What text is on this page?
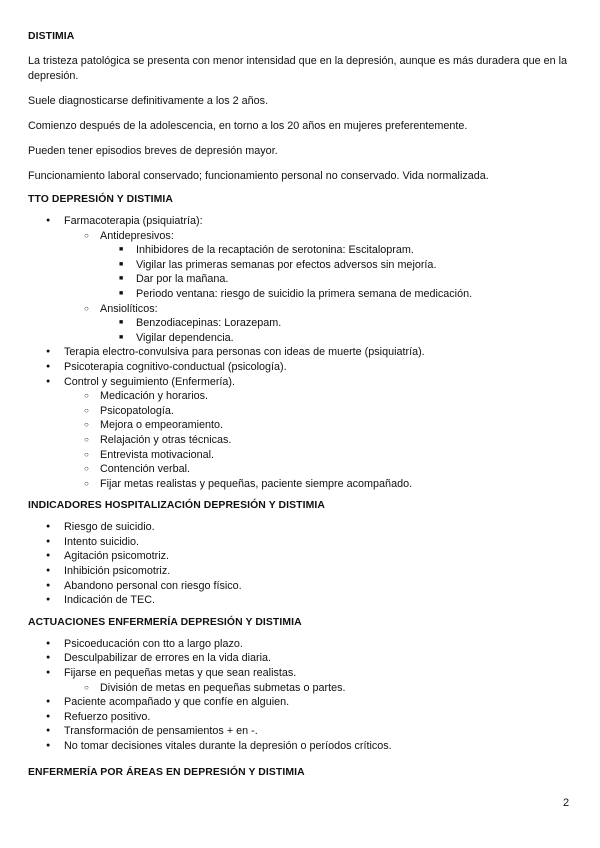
DISTIMIA

La tristeza patológica se presenta con menor intensidad que en la depresión, aunque es más duradera que en la depresión.

Suele diagnosticarse definitivamente a los 2 años.

Comienzo después de la adolescencia, en torno a los 20 años en mujeres preferentemente.

Pueden tener episodios breves de depresión mayor.

Funcionamiento laboral conservado; funcionamiento personal no conservado. Vida normalizada.

TTO DEPRESIÓN Y DISTIMIA
● Farmacoterapia (psiquiatría):
○ Antidepresivos:
■ Inhibidores de la recaptación de serotonina: Escitalopram.
■ Vigilar las primeras semanas por efectos adversos sin mejoría.
■ Dar por la mañana.
■ Periodo ventana: riesgo de suicidio la primera semana de medicación.
○ Ansiolíticos:
■ Benzodiacepinas: Lorazepam.
■ Vigilar dependencia.
● Terapia electro-convulsiva para personas con ideas de muerte (psiquiatría).
● Psicoterapia cognitivo-conductual (psicología).
● Control y seguimiento (Enfermería).
○ Medicación y horarios.
○ Psicopatología.
○ Mejora o empeoramiento.
○ Relajación y otras técnicas.
○ Entrevista motivacional.
○ Contención verbal.
○ Fijar metas realistas y pequeñas, paciente siempre acompañado.
INDICADORES HOSPITALIZACIÓN DEPRESIÓN Y DISTIMIA
● Riesgo de suicidio.
● Intento suicidio.
● Agitación psicomotriz.
● Inhibición psicomotriz.
● Abandono personal con riesgo físico.
● Indicación de TEC.
ACTUACIONES ENFERMERÍA DEPRESIÓN Y DISTIMIA
● Psicoeducación con tto a largo plazo.
● Desculpabilizar de errores en la vida diaria.
● Fijarse en pequeñas metas y que sean realistas.
○ División de metas en pequeñas submetas o partes.
● Paciente acompañado y que confíe en alguien.
● Refuerzo positivo.
● Transformación de pensamientos + en -.
● No tomar decisiones vitales durante la depresión o períodos críticos.
ENFERMERÍA POR ÁREAS EN DEPRESIÓN Y DISTIMIA
2
